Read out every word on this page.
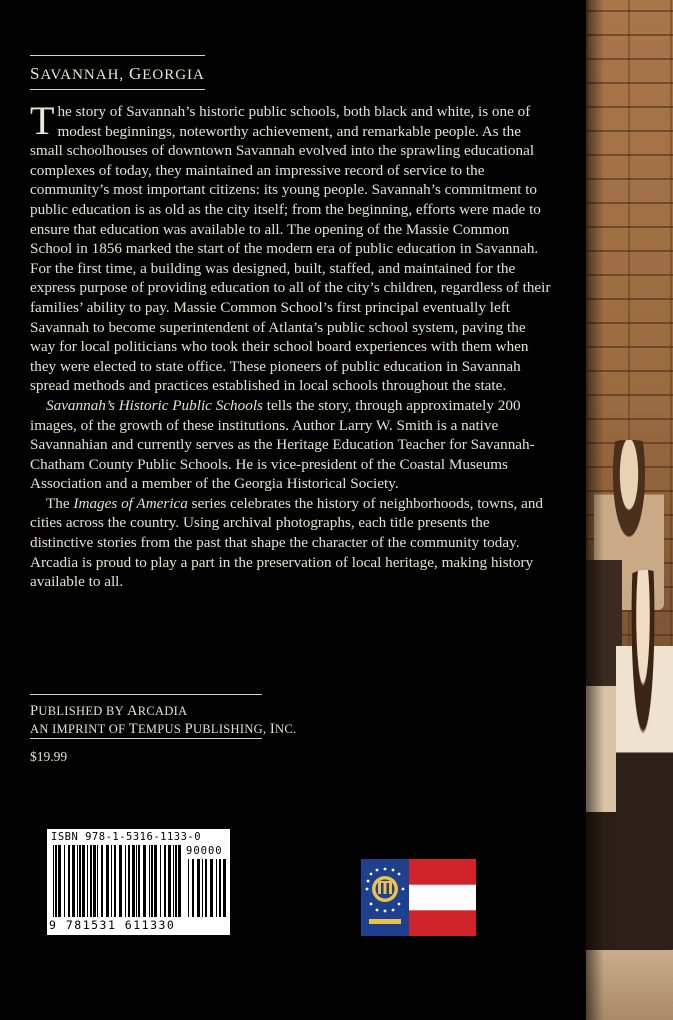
SAVANNAH, GEORGIA

The story of Savannah’s historic public schools, both black and white, is one of modest beginnings, noteworthy achievement, and remarkable people. As the small schoolhouses of downtown Savannah evolved into the sprawling educational complexes of today, they maintained an impressive record of service to the community’s most important citizens: its young people. Savannah’s commitment to public education is as old as the city itself; from the beginning, efforts were made to ensure that education was available to all. The opening of the Massie Common School in 1856 marked the start of the modern era of public education in Savannah. For the first time, a building was designed, built, staffed, and maintained for the express purpose of providing education to all of the city’s children, regardless of their families’ ability to pay. Massie Common School’s first principal eventually left Savannah to become superintendent of Atlanta’s public school system, paving the way for local politicians who took their school board experiences with them when they were elected to state office. These pioneers of public education in Savannah spread methods and practices established in local schools throughout the state.

Savannah’s Historic Public Schools tells the story, through approximately 200 images, of the growth of these institutions. Author Larry W. Smith is a native Savannahian and currently serves as the Heritage Education Teacher for Savannah-Chatham County Public Schools. He is vice-president of the Coastal Museums Association and a member of the Georgia Historical Society.

The Images of America series celebrates the history of neighborhoods, towns, and cities across the country. Using archival photographs, each title presents the distinctive stories from the past that shape the character of the community today. Arcadia is proud to play a part in the preservation of local heritage, making history available to all.

PUBLISHED BY ARCADIA
AN IMPRINT OF TEMPUS PUBLISHING, INC.
$19.99
ISBN 978-1-5316-1133-0
90000
9 781531 611330
